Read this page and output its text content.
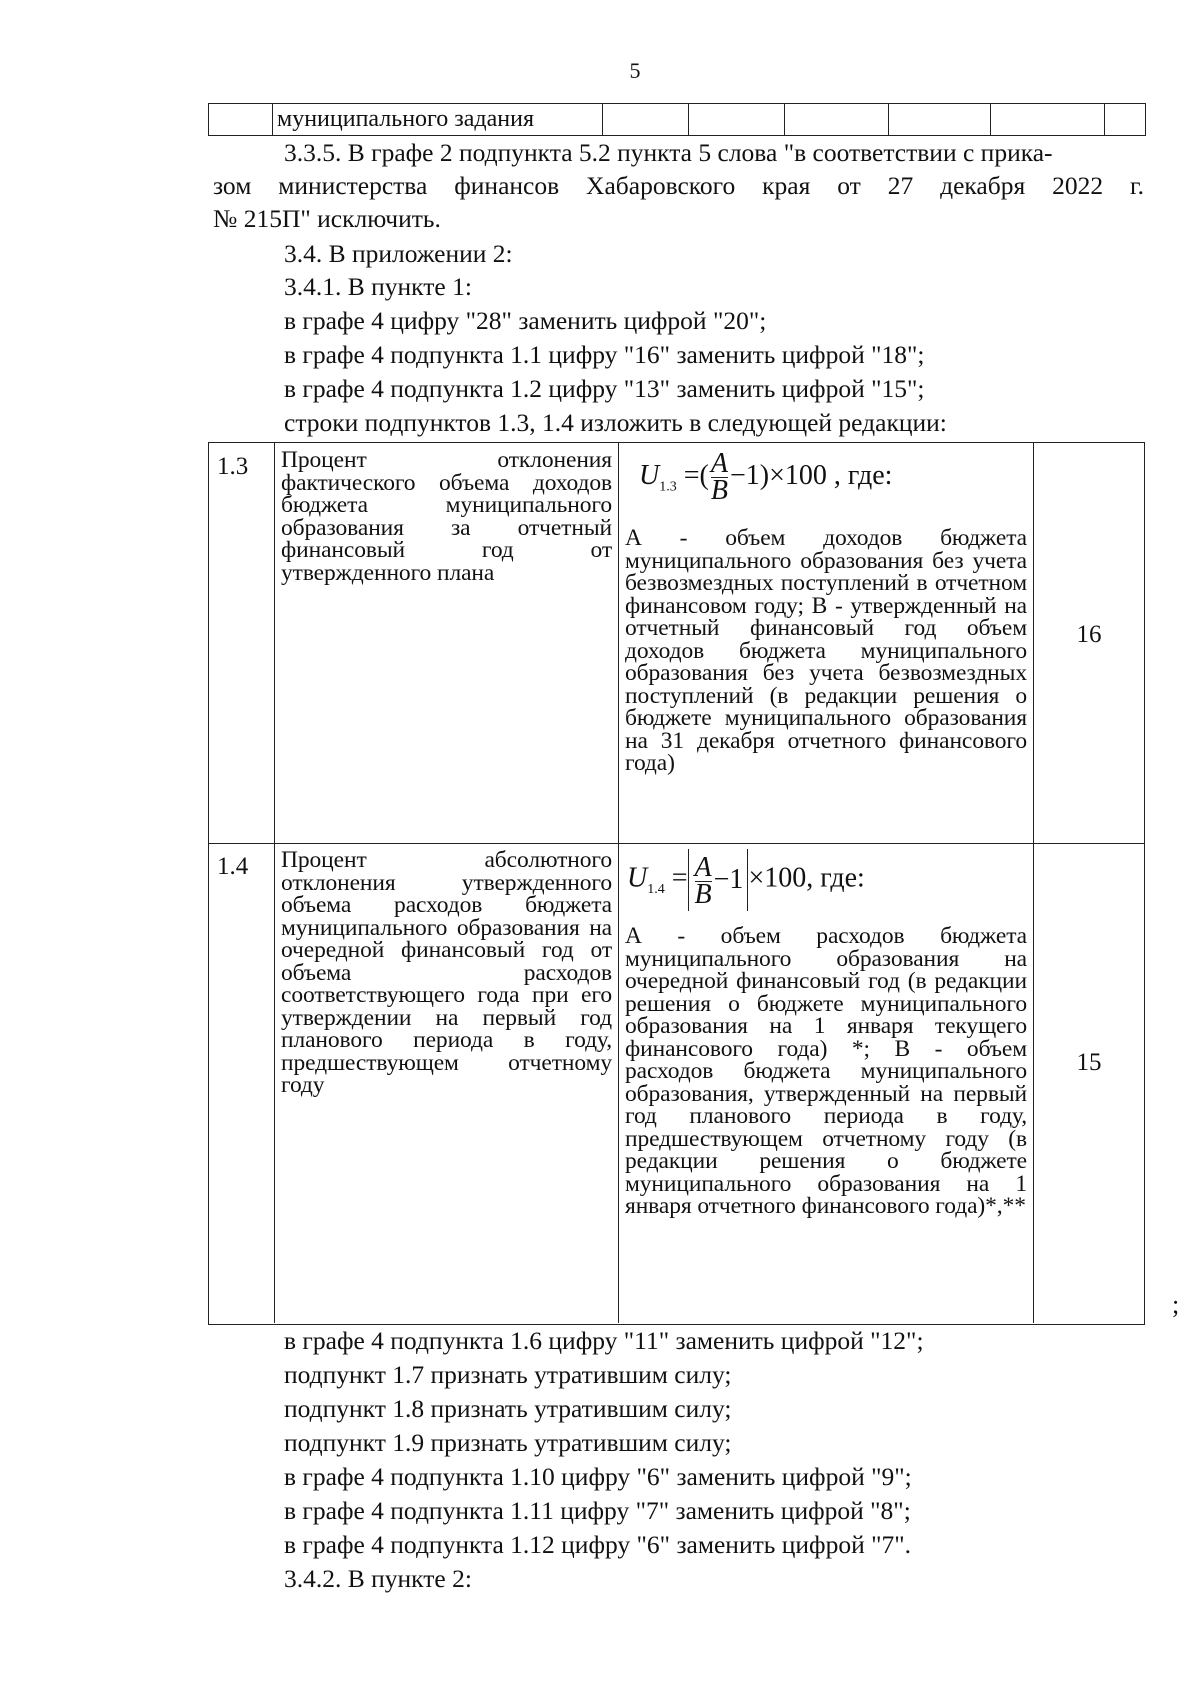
5
муниципального задания
3.3.5. В графе 2 подпункта 5.2 пункта 5 слова "в соответствии с прика-
зом министерства финансов Хабаровского края от 27 декабря 2022 г.
№ 215П" исключить.
3.4. В приложении 2:
3.4.1. В пункте 1:
в графе 4 цифру "28" заменить цифрой "20";
в графе 4 подпункта 1.1 цифру "16" заменить цифрой "18";
в графе 4 подпункта 1.2 цифру "13" заменить цифрой "15";
строки подпунктов 1.3, 1.4 изложить в следующей редакции:
1.3	Процент отклонения фактического объема доходов бюджета муниципального образования за отчетный финансовый год от утвержденного плана
$U_{1.3}$ =( $\frac{A}{B} -1)\times 100$ , где:
А - объем доходов бюджета муниципального образования без учета безвозмездных поступлений в отчетном финансовом году; В - утвержденный на отчетный финансовый год объем доходов бюджета муниципального образования без учета безвозмездных поступлений (в редакции решения о бюджете муниципального образования на 31 декабря отчетного финансового года)
16
1.4	Процент абсолютного отклонения утвержденного объема расходов бюджета муниципального образования на очередной финансовый год от объема расходов соответствующего года при его утверждении на первый год планового периода в году, предшествующем отчетному году
$U_{1.4} = \frac{A}{B} -1 \times 100$, где:
А - объем расходов бюджета муниципального образования на очередной финансовый год (в редакции решения о бюджете муниципального образования на 1 января текущего финансового года) *; В - объем расходов бюджета муниципального образования, утвержденный на первый год планового периода в году, предшествующем отчетному году (в редакции решения о бюджете муниципального образования на 1 января отчетного финансового года)*,**
15
;
в графе 4 подпункта 1.6 цифру "11" заменить цифрой "12";
подпункт 1.7 признать утратившим силу;
подпункт 1.8 признать утратившим силу;
подпункт 1.9 признать утратившим силу;
в графе 4 подпункта 1.10 цифру "6" заменить цифрой "9";
в графе 4 подпункта 1.11 цифру "7" заменить цифрой "8";
в графе 4 подпункта 1.12 цифру "6" заменить цифрой "7".
3.4.2. В пункте 2:
